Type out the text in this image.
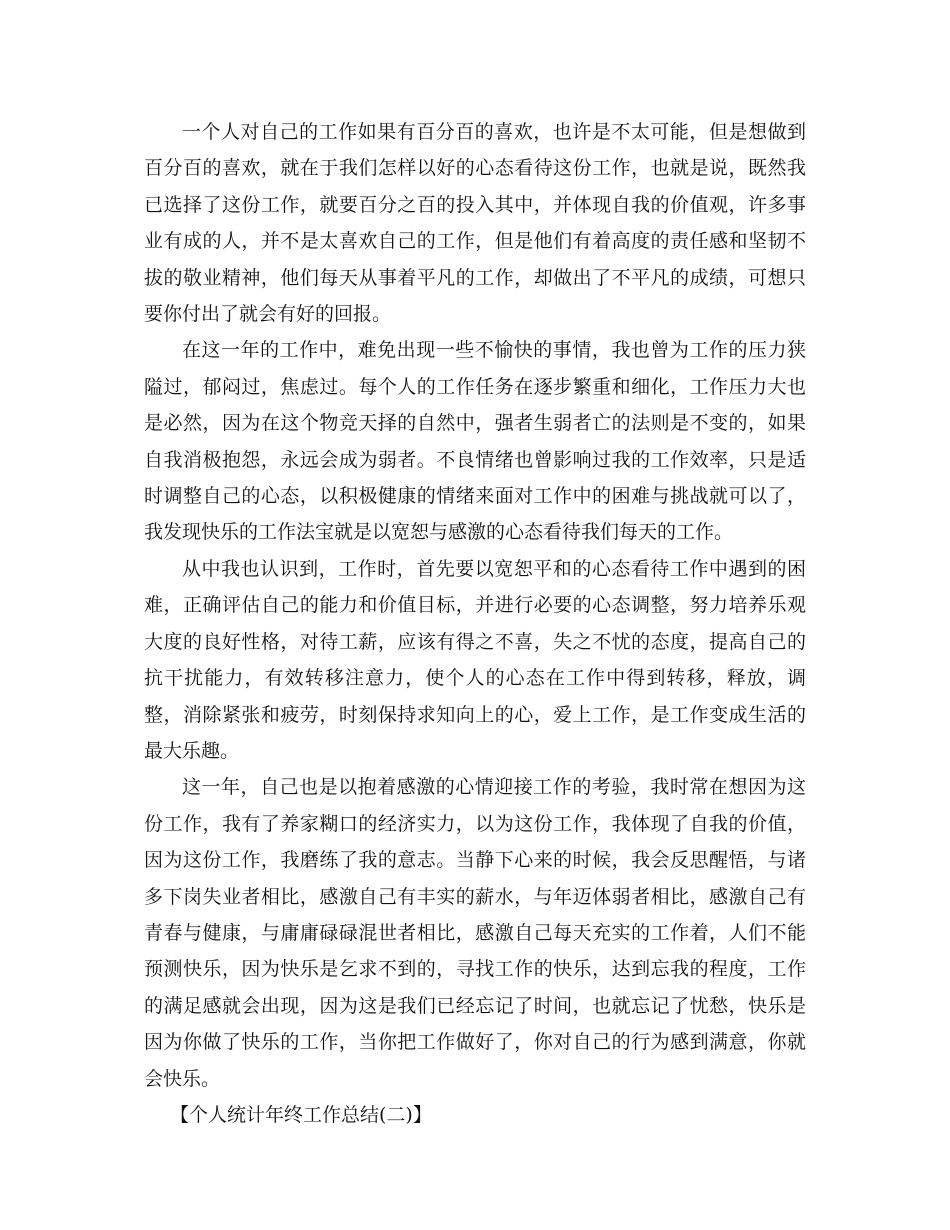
一个人对自己的工作如果有百分百的喜欢，也许是不太可能，但是想做到百分百的喜欢，就在于我们怎样以好的心态看待这份工作，也就是说，既然我已选择了这份工作，就要百分之百的投入其中，并体现自我的价值观，许多事业有成的人，并不是太喜欢自己的工作，但是他们有着高度的责任感和坚韧不拔的敬业精神，他们每天从事着平凡的工作，却做出了不平凡的成绩，可想只要你付出了就会有好的回报。

在这一年的工作中，难免出现一些不愉快的事情，我也曾为工作的压力狭隘过，郁闷过，焦虑过。每个人的工作任务在逐步繁重和细化，工作压力大也是必然，因为在这个物竞天择的自然中，强者生弱者亡的法则是不变的，如果自我消极抱怨，永远会成为弱者。不良情绪也曾影响过我的工作效率，只是适时调整自己的心态，以积极健康的情绪来面对工作中的困难与挑战就可以了，我发现快乐的工作法宝就是以宽恕与感激的心态看待我们每天的工作。

从中我也认识到，工作时，首先要以宽恕平和的心态看待工作中遇到的困难，正确评估自己的能力和价值目标，并进行必要的心态调整，努力培养乐观大度的良好性格，对待工薪，应该有得之不喜，失之不忧的态度，提高自己的抗干扰能力，有效转移注意力，使个人的心态在工作中得到转移，释放，调整，消除紧张和疲劳，时刻保持求知向上的心，爱上工作，是工作变成生活的最大乐趣。

这一年，自己也是以抱着感激的心情迎接工作的考验，我时常在想因为这份工作，我有了养家糊口的经济实力，以为这份工作，我体现了自我的价值，因为这份工作，我磨练了我的意志。当静下心来的时候，我会反思醒悟，与诸多下岗失业者相比，感激自己有丰实的薪水，与年迈体弱者相比，感激自己有青春与健康，与庸庸碌碌混世者相比，感激自己每天充实的工作着，人们不能预测快乐，因为快乐是乞求不到的，寻找工作的快乐，达到忘我的程度，工作的满足感就会出现，因为这是我们已经忘记了时间，也就忘记了忧愁，快乐是因为你做了快乐的工作，当你把工作做好了，你对自己的行为感到满意，你就会快乐。

【个人统计年终工作总结(二)】
